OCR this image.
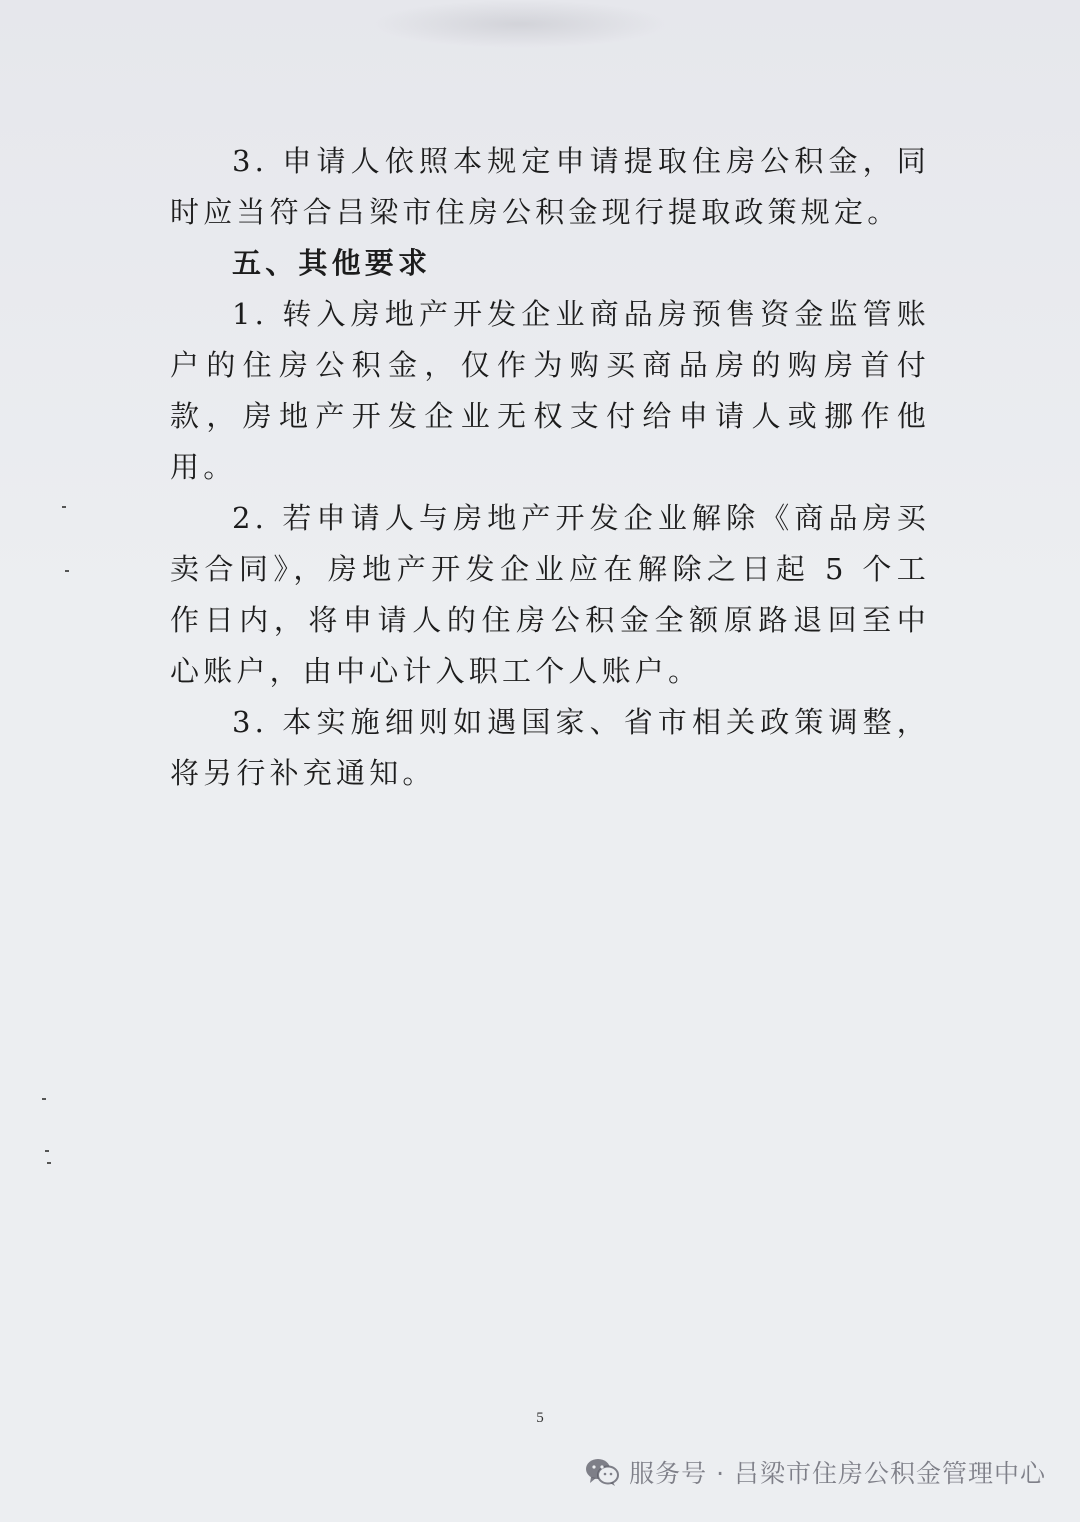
3. 申请人依照本规定申请提取住房公积金，同时应当符合吕梁市住房公积金现行提取政策规定。

五、其他要求

1. 转入房地产开发企业商品房预售资金监管账户的住房公积金，仅作为购买商品房的购房首付款，房地产开发企业无权支付给申请人或挪作他用。

2. 若申请人与房地产开发企业解除《商品房买卖合同》，房地产开发企业应在解除之日起 5 个工作日内，将申请人的住房公积金全额原路退回至中心账户，由中心计入职工个人账户。

3. 本实施细则如遇国家、省市相关政策调整，将另行补充通知。

5
服务号 · 吕梁市住房公积金管理中心
